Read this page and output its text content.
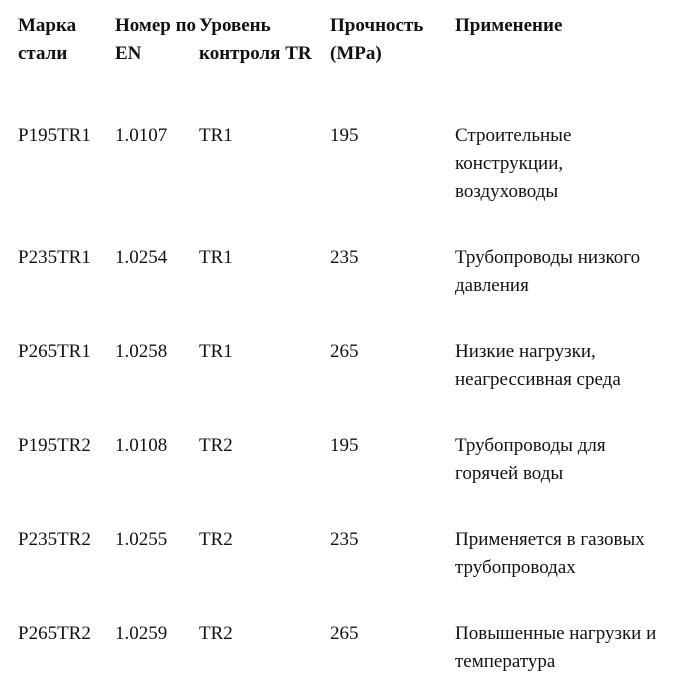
Марка стали	Номер по EN	Уровень контроля TR	Прочность (MPa)	Применение
P195TR1	1.0107	TR1	195	Строительные конструкции, воздуховоды
P235TR1	1.0254	TR1	235	Трубопроводы низкого давления
P265TR1	1.0258	TR1	265	Низкие нагрузки, неагрессивная среда
P195TR2	1.0108	TR2	195	Трубопроводы для горячей воды
P235TR2	1.0255	TR2	235	Применяется в газовых трубопроводах
P265TR2	1.0259	TR2	265	Повышенные нагрузки и температура
